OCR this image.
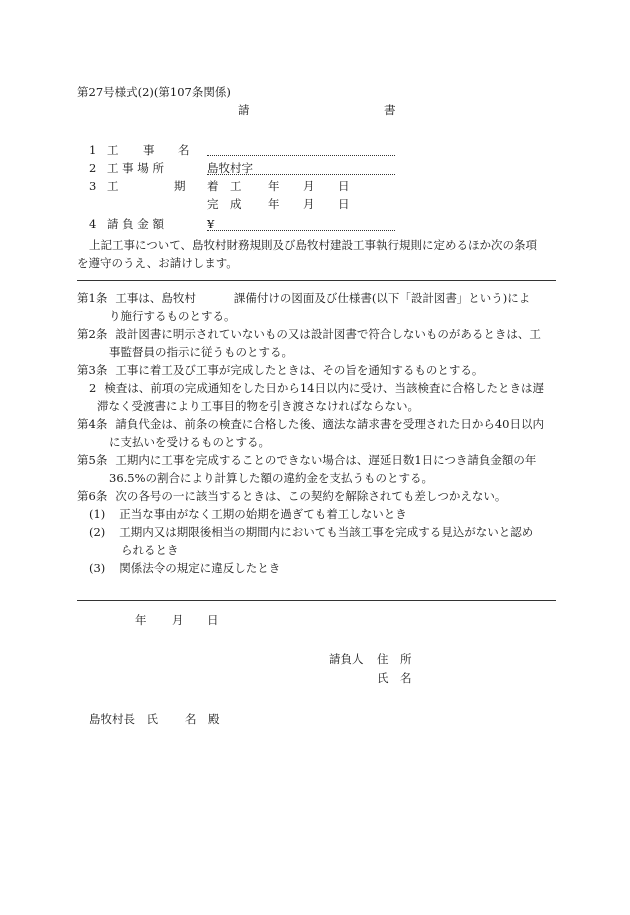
第27号様式(2)(第107条関係)
請	書
1 工 事 名
2 工 事 場 所	島牧村字
3 工	期 着　工 年 月 日
完　成 年 月 日
4 請 負 金 額	¥
上記工事について、島牧村財務規則及び島牧村建設工事執行規則に定めるほか次の条項
を遵守のうえ、お請けします。
第1条 工事は、島牧村	課備付けの図面及び仕様書(以下「設計図書」という)によ
り施行するものとする。
第2条 設計図書に明示されていないもの又は設計図書で符合しないものがあるときは、工
事監督員の指示に従うものとする。
第3条 工事に着工及び工事が完成したときは、その旨を通知するものとする。
2 検査は、前項の完成通知をした日から14日以内に受け、当該検査に合格したときは遅
滞なく受渡書により工事目的物を引き渡さなければならない。
第4条 請負代金は、前条の検査に合格した後、適法な請求書を受理された日から40日以内
に支払いを受けるものとする。
第5条 工期内に工事を完成することのできない場合は、遅延日数1日につき請負金額の年
36.5%の割合により計算した額の違約金を支払うものとする。
第6条 次の各号の一に該当するときは、この契約を解除されても差しつかえない。
(1) 正当な事由がなく工期の始期を過ぎても着工しないとき
(2) 工期内又は期限後相当の期間内においても当該工事を完成する見込がないと認め
られるとき
(3) 関係法令の規定に違反したとき
年 月 日
請負人 住　所
氏　名
島牧村長　氏 名 殿
